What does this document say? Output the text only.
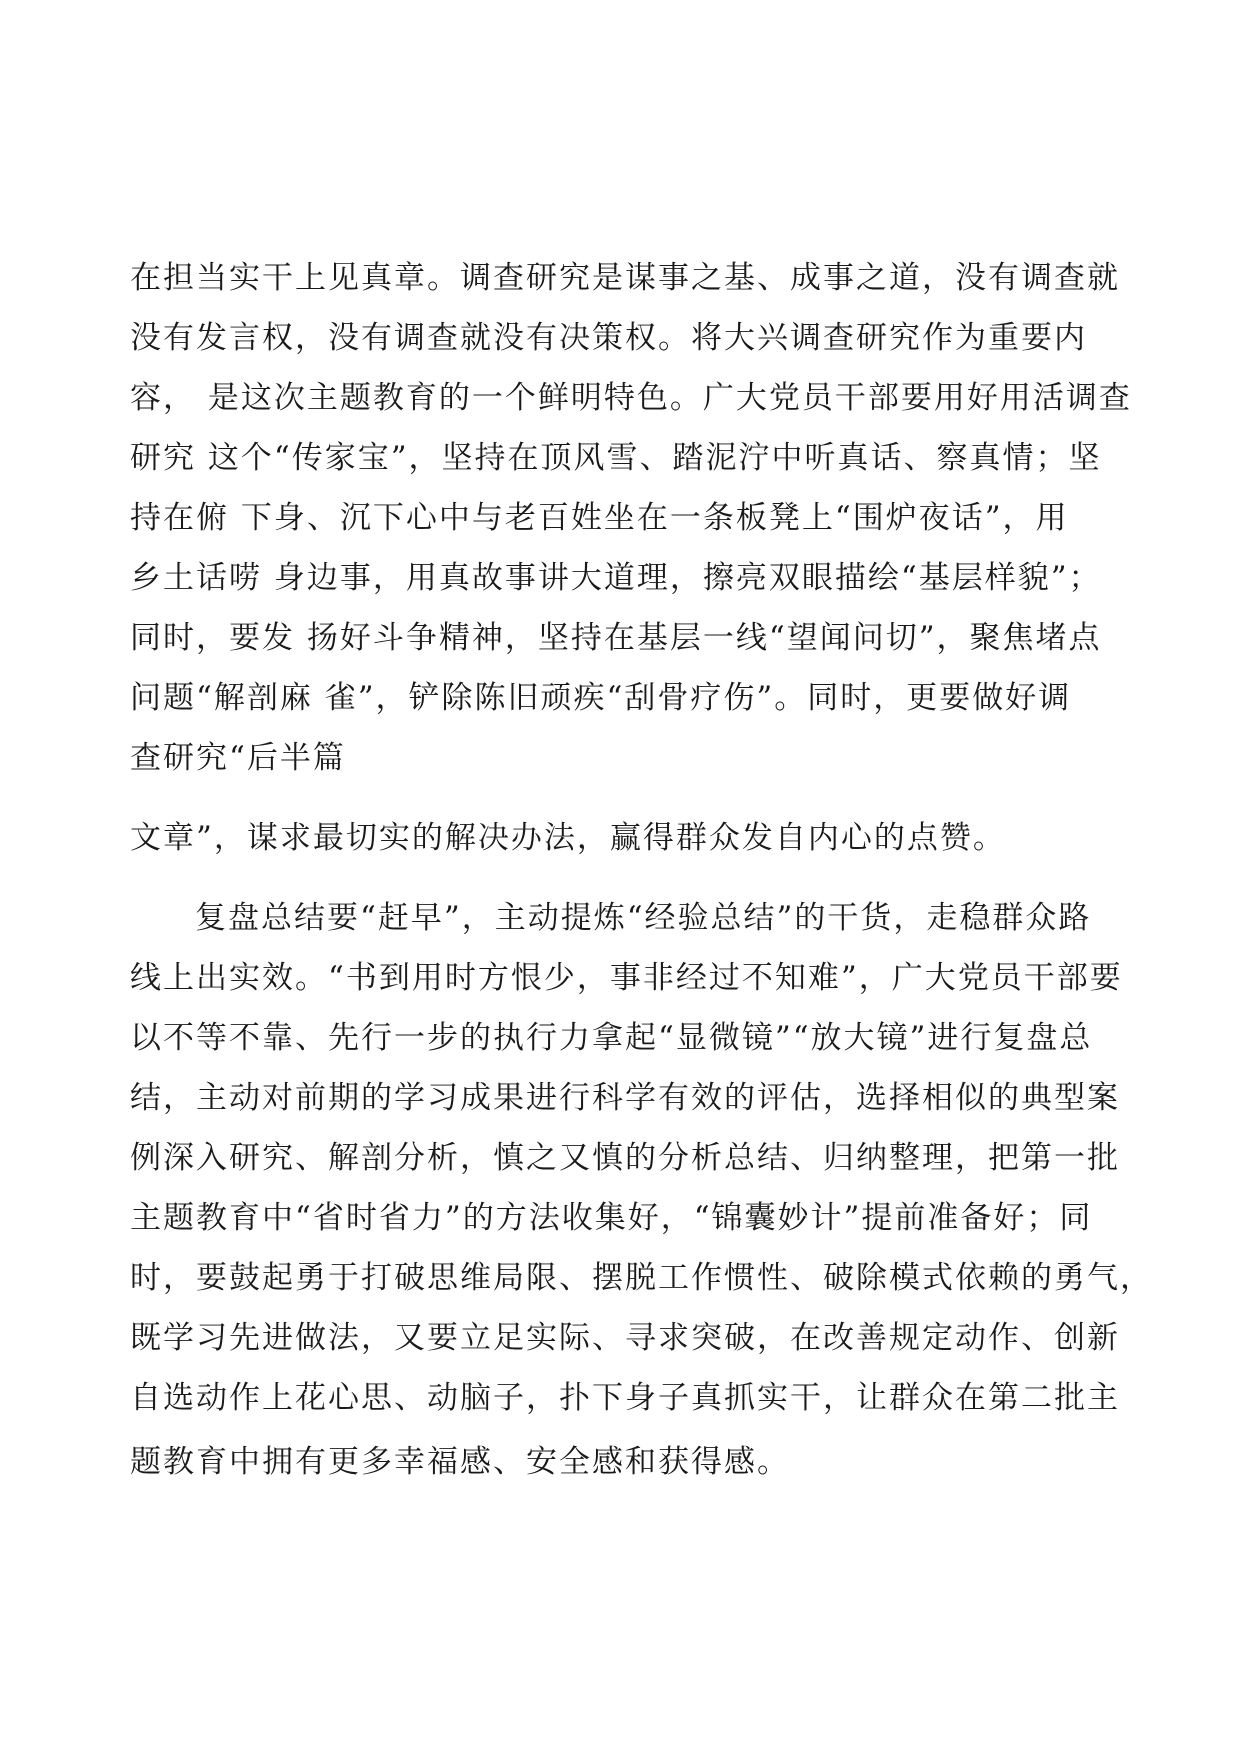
在担当实干上见真章。调查研究是谋事之基、成事之道，没有调查就
没有发言权，没有调查就没有决策权。将大兴调查研究作为重要内
容， 是这次主题教育的一个鲜明特色。广大党员干部要用好用活调查
研究 这个“传家宝”，坚持在顶风雪、踏泥泞中听真话、察真情；坚
持在俯 下身、沉下心中与老百姓坐在一条板凳上“围炉夜话”，用
乡土话唠 身边事，用真故事讲大道理，擦亮双眼描绘“基层样貌”；
同时，要发 扬好斗争精神，坚持在基层一线“望闻问切”，聚焦堵点
问题“解剖麻 雀”，铲除陈旧顽疾“刮骨疗伤”。同时，更要做好调
查研究“后半篇
文章”，谋求最切实的解决办法，赢得群众发自内心的点赞。
复盘总结要“赶早”，主动提炼“经验总结”的干货，走稳群众路
线上出实效。“书到用时方恨少，事非经过不知难”，广大党员干部要
以不等不靠、先行一步的执行力拿起“显微镜”“放大镜”进行复盘总
结，主动对前期的学习成果进行科学有效的评估，选择相似的典型案
例深入研究、解剖分析，慎之又慎的分析总结、归纳整理，把第一批
主题教育中“省时省力”的方法收集好，“锦囊妙计”提前准备好；同
时，要鼓起勇于打破思维局限、摆脱工作惯性、破除模式依赖的勇气，
既学习先进做法，又要立足实际、寻求突破，在改善规定动作、创新
自选动作上花心思、动脑子，扑下身子真抓实干，让群众在第二批主
题教育中拥有更多幸福感、安全感和获得感。
